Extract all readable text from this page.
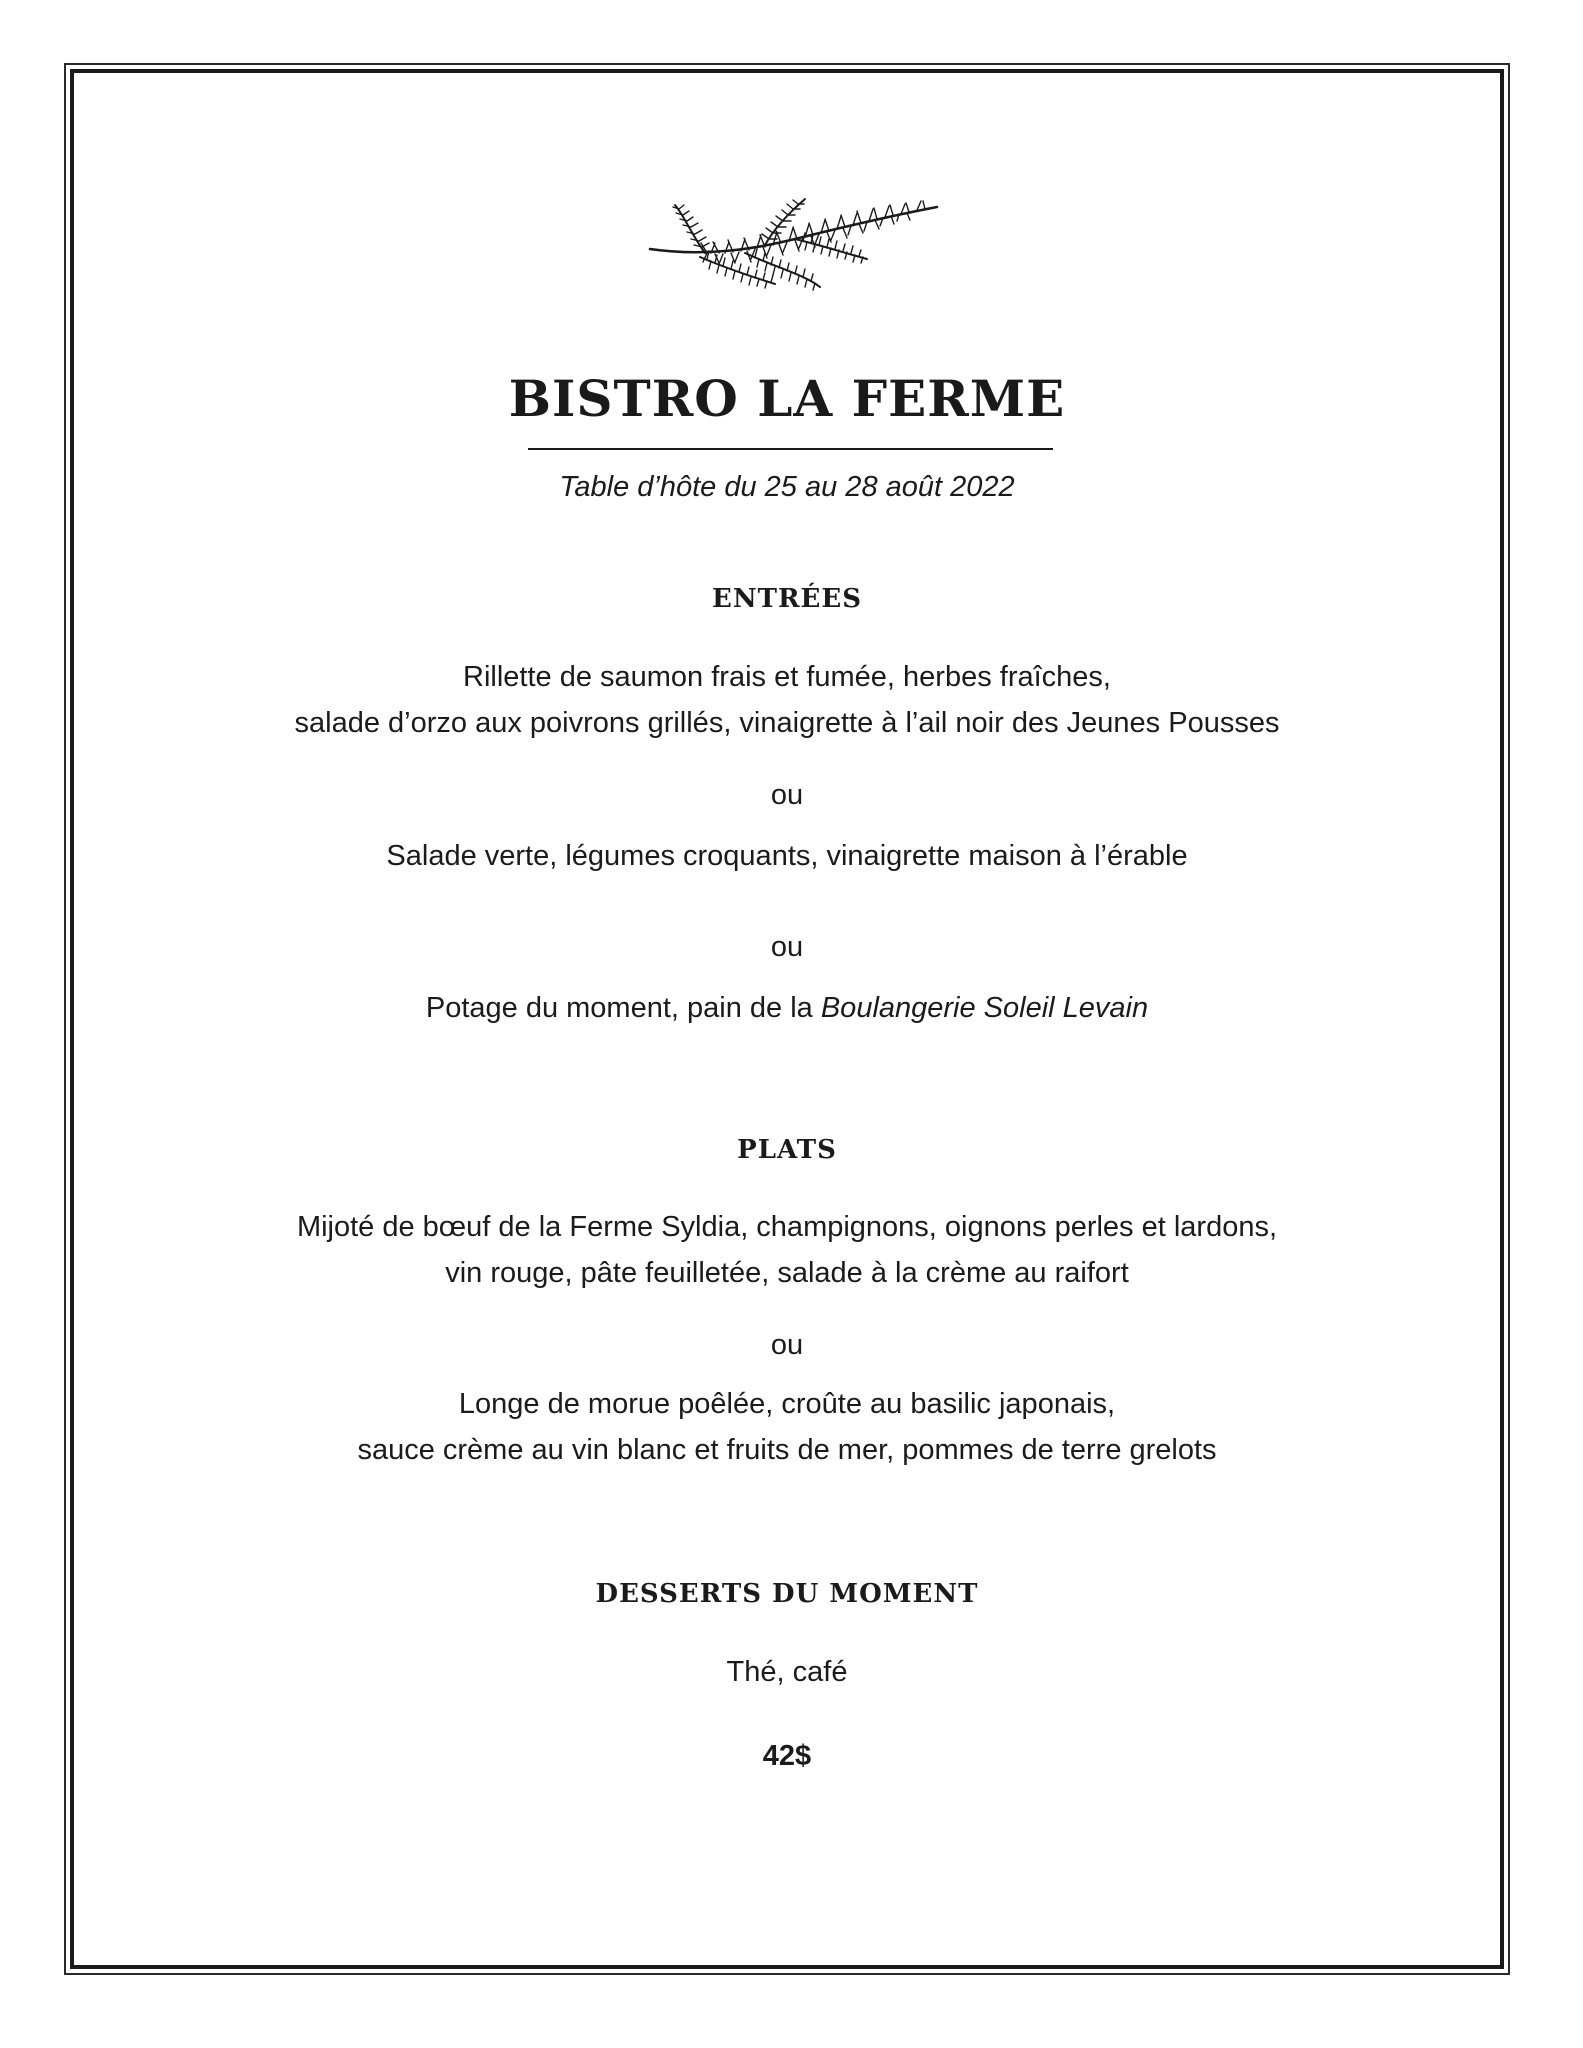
BISTRO LA FERME
Table d’hôte du 25 au 28 août 2022
ENTRÉES
Rillette de saumon frais et fumée, herbes fraîches,
salade d’orzo aux poivrons grillés, vinaigrette à l’ail noir des Jeunes Pousses
ou
Salade verte, légumes croquants, vinaigrette maison à l’érable
ou
Potage du moment, pain de la Boulangerie Soleil Levain
PLATS
Mijoté de bœuf de la Ferme Syldia, champignons, oignons perles et lardons,
vin rouge, pâte feuilletée, salade à la crème au raifort
ou
Longe de morue poêlée, croûte au basilic japonais,
sauce crème au vin blanc et fruits de mer, pommes de terre grelots
DESSERTS DU MOMENT
Thé, café
42$
